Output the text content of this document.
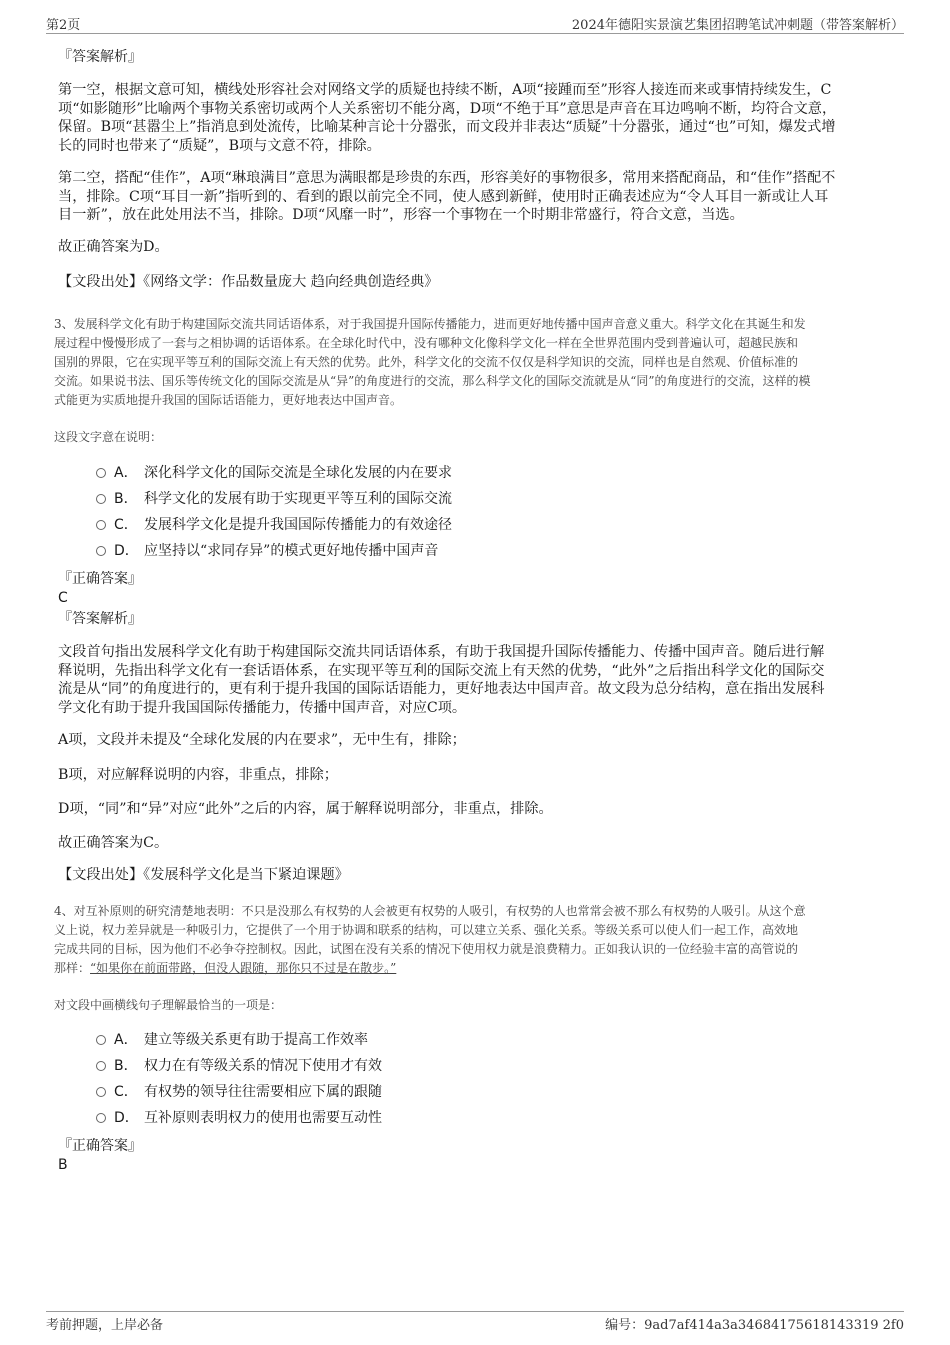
第2页	2024年德阳实景演艺集团招聘笔试冲刺题（带答案解析）
『答案解析』
第一空，根据文意可知，横线处形容社会对网络文学的质疑也持续不断，A项“接踵而至”形容人接连而来或事情持续发生，C
项“如影随形”比喻两个事物关系密切或两个人关系密切不能分离，D项“不绝于耳”意思是声音在耳边鸣响不断，均符合文意，
保留。B项“甚嚣尘上”指消息到处流传，比喻某种言论十分嚣张，而文段并非表达“质疑”十分嚣张，通过“也”可知，爆发式增
长的同时也带来了“质疑”，B项与文意不符，排除。
第二空，搭配“佳作”，A项“琳琅满目”意思为满眼都是珍贵的东西，形容美好的事物很多，常用来搭配商品，和“佳作”搭配不
当，排除。C项“耳目一新”指听到的、看到的跟以前完全不同，使人感到新鲜，使用时正确表述应为“令人耳目一新或让人耳
目一新”，放在此处用法不当，排除。D项“风靡一时”，形容一个事物在一个时期非常盛行，符合文意，当选。
故正确答案为D。
【文段出处】《网络文学：作品数量庞大 趋向经典创造经典》
3、发展科学文化有助于构建国际交流共同话语体系，对于我国提升国际传播能力，进而更好地传播中国声音意义重大。科学文化在其诞生和发
展过程中慢慢形成了一套与之相协调的话语体系。在全球化时代中，没有哪种文化像科学文化一样在全世界范围内受到普遍认可，超越民族和
国别的界限，它在实现平等互利的国际交流上有天然的优势。此外，科学文化的交流不仅仅是科学知识的交流，同样也是自然观、价值标准的
交流。如果说书法、国乐等传统文化的国际交流是从“异”的角度进行的交流，那么科学文化的国际交流就是从“同”的角度进行的交流，这样的模
式能更为实质地提升我国的国际话语能力，更好地表达中国声音。
这段文字意在说明：
A． 深化科学文化的国际交流是全球化发展的内在要求
B． 科学文化的发展有助于实现更平等互利的国际交流
C． 发展科学文化是提升我国国际传播能力的有效途径
D． 应坚持以“求同存异”的模式更好地传播中国声音
『正确答案』
C
『答案解析』
文段首句指出发展科学文化有助于构建国际交流共同话语体系，有助于我国提升国际传播能力、传播中国声音。随后进行解
释说明，先指出科学文化有一套话语体系，在实现平等互利的国际交流上有天然的优势，“此外”之后指出科学文化的国际交
流是从“同”的角度进行的，更有利于提升我国的国际话语能力，更好地表达中国声音。故文段为总分结构，意在指出发展科
学文化有助于提升我国国际传播能力，传播中国声音，对应C项。
A项，文段并未提及“全球化发展的内在要求”，无中生有，排除；
B项，对应解释说明的内容，非重点，排除；
D项，“同”和“异”对应“此外”之后的内容，属于解释说明部分，非重点，排除。
故正确答案为C。
【文段出处】《发展科学文化是当下紧迫课题》
4、对互补原则的研究清楚地表明：不只是没那么有权势的人会被更有权势的人吸引，有权势的人也常常会被不那么有权势的人吸引。从这个意
义上说，权力差异就是一种吸引力，它提供了一个用于协调和联系的结构，可以建立关系、强化关系。等级关系可以使人们一起工作，高效地
完成共同的目标，因为他们不必争夺控制权。因此，试图在没有关系的情况下使用权力就是浪费精力。正如我认识的一位经验丰富的高管说的
那样：“如果你在前面带路，但没人跟随，那你只不过是在散步。”
对文段中画横线句子理解最恰当的一项是：
A． 建立等级关系更有助于提高工作效率
B． 权力在有等级关系的情况下使用才有效
C． 有权势的领导往往需要相应下属的跟随
D． 互补原则表明权力的使用也需要互动性
『正确答案』
B
考前押题，上岸必备	编号：9ad7af414a3a34684175618143319 2f0
